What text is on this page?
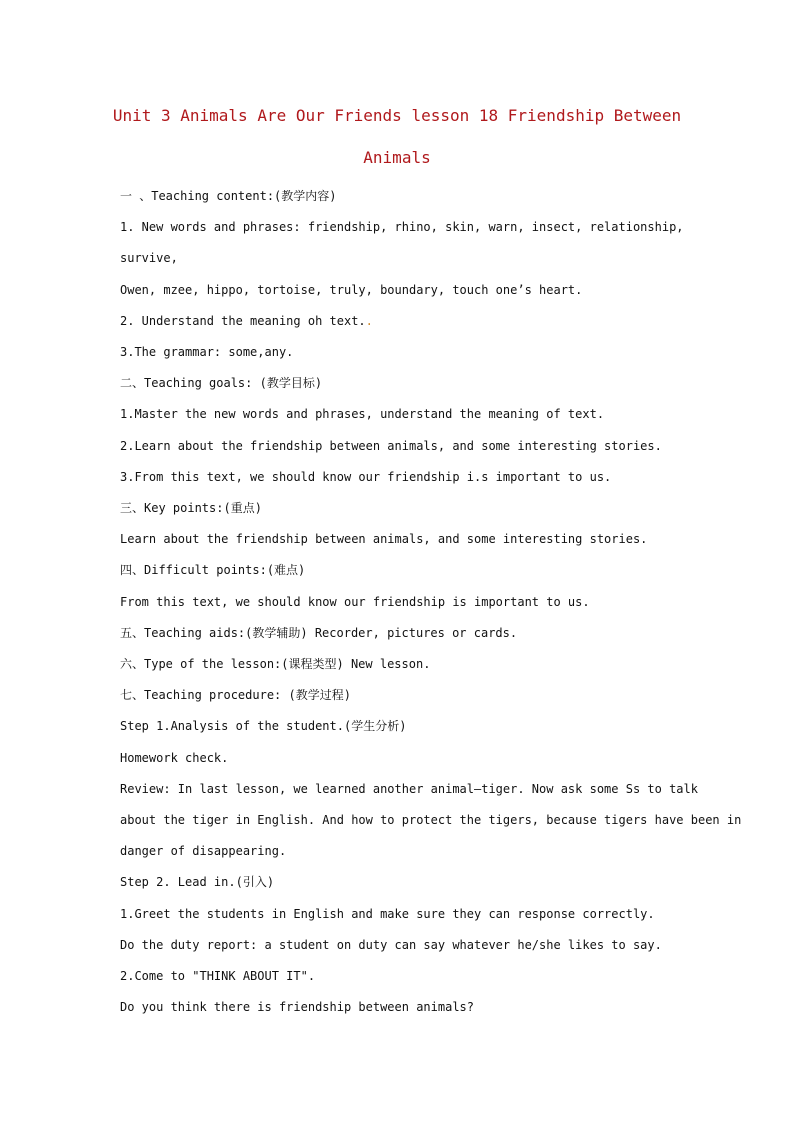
Unit 3 Animals Are Our Friends lesson 18 Friendship Between
Animals
一 、Teaching content:(教学内容)
1. New words and phrases: friendship, rhino, skin, warn, insect, relationship,
survive,
Owen, mzee, hippo, tortoise, truly, boundary, touch one’s heart.
2. Understand the meaning oh text..
3.The grammar: some,any.
二、Teaching goals: (教学目标)
1.Master the new words and phrases, understand the meaning of text.
2.Learn about the friendship between animals, and some interesting stories.
3.From this text, we should know our friendship i.s important to us.
三、Key points:(重点)
Learn about the friendship between animals, and some interesting stories.
四、Difficult points:(难点)
From this text, we should know our friendship is important to us.
五、Teaching aids:(教学辅助) Recorder, pictures or cards.
六、Type of the lesson:(课程类型) New lesson.
七、Teaching procedure: (教学过程)
Step 1.Analysis of the student.(学生分析)
Homework check.
Review: In last lesson, we learned another animal—tiger. Now ask some Ss to talk
about the tiger in English. And how to protect the tigers, because tigers have been in
danger of disappearing.
Step 2. Lead in.(引入)
1.Greet the students in English and make sure they can response correctly.
Do the duty report: a student on duty can say whatever he/she likes to say.
2.Come to "THINK ABOUT IT".
Do you think there is friendship between animals?
